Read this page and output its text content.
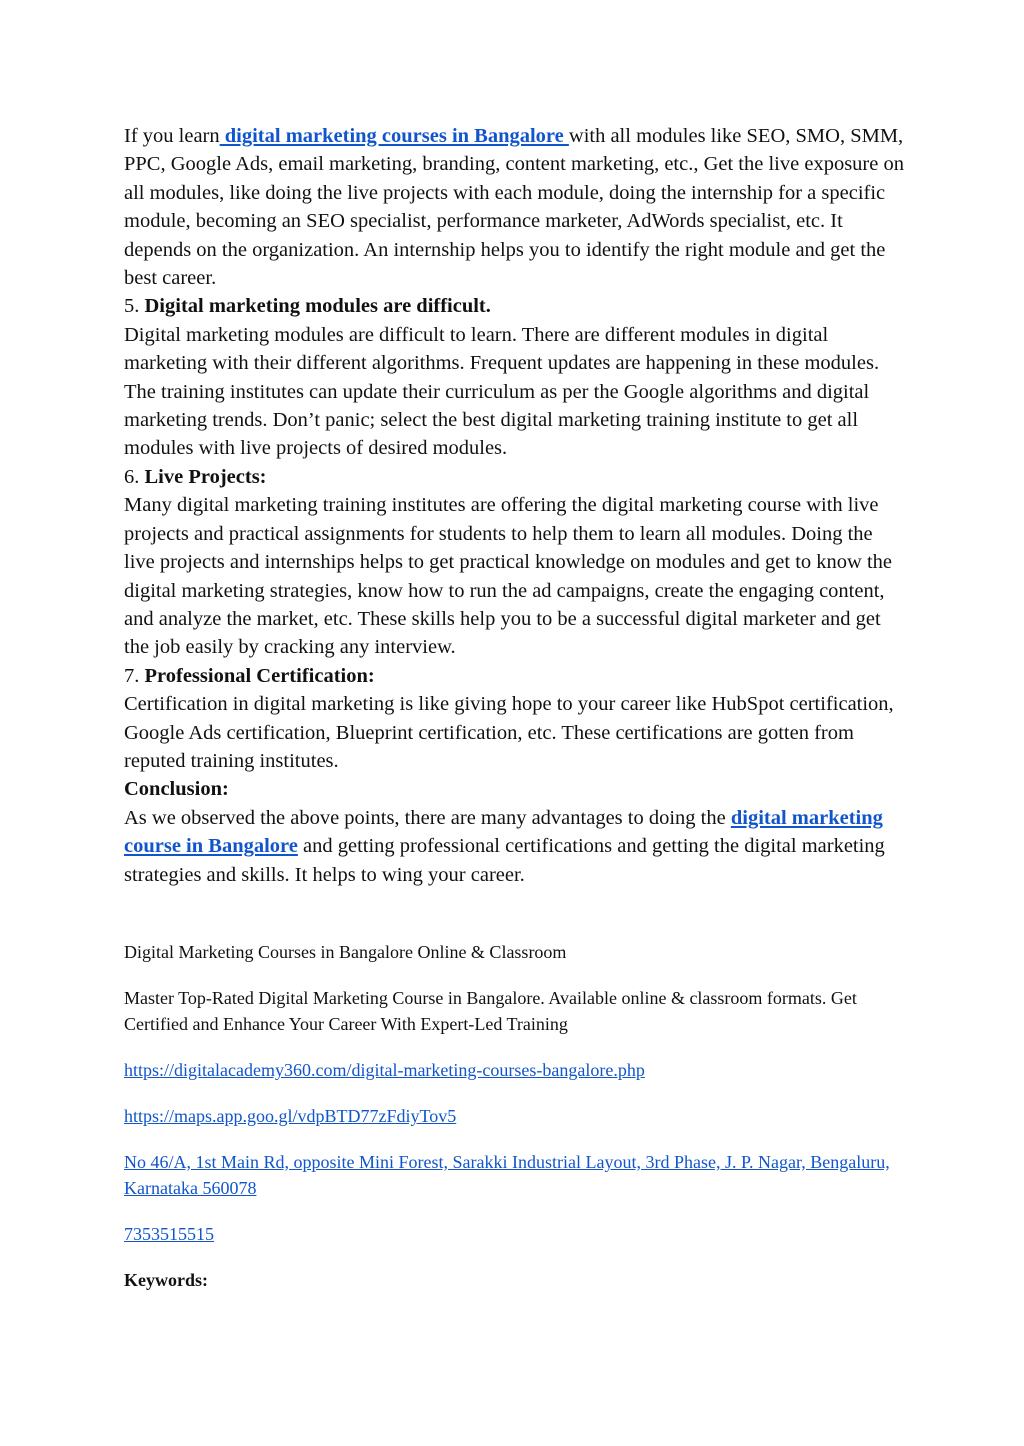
If you learn digital marketing courses in Bangalore with all modules like SEO, SMO, SMM, PPC, Google Ads, email marketing, branding, content marketing, etc., Get the live exposure on all modules, like doing the live projects with each module, doing the internship for a specific module, becoming an SEO specialist, performance marketer, AdWords specialist, etc. It depends on the organization. An internship helps you to identify the right module and get the best career.

5. Digital marketing modules are difficult.

Digital marketing modules are difficult to learn. There are different modules in digital marketing with their different algorithms. Frequent updates are happening in these modules. The training institutes can update their curriculum as per the Google algorithms and digital marketing trends. Don’t panic; select the best digital marketing training institute to get all modules with live projects of desired modules.

6. Live Projects:

Many digital marketing training institutes are offering the digital marketing course with live projects and practical assignments for students to help them to learn all modules. Doing the live projects and internships helps to get practical knowledge on modules and get to know the digital marketing strategies, know how to run the ad campaigns, create the engaging content, and analyze the market, etc. These skills help you to be a successful digital marketer and get the job easily by cracking any interview.

7. Professional Certification:

Certification in digital marketing is like giving hope to your career like HubSpot certification, Google Ads certification, Blueprint certification, etc. These certifications are gotten from reputed training institutes.

Conclusion:

As we observed the above points, there are many advantages to doing the digital marketing course in Bangalore and getting professional certifications and getting the digital marketing strategies and skills. It helps to wing your career.

Digital Marketing Courses in Bangalore Online & Classroom

Master Top-Rated Digital Marketing Course in Bangalore. Available online & classroom formats. Get Certified and Enhance Your Career With Expert-Led Training

https://digitalacademy360.com/digital-marketing-courses-bangalore.php

https://maps.app.goo.gl/vdpBTD77zFdiyTov5

No 46/A, 1st Main Rd, opposite Mini Forest, Sarakki Industrial Layout, 3rd Phase, J. P. Nagar, Bengaluru, Karnataka 560078

7353515515

Keywords:
